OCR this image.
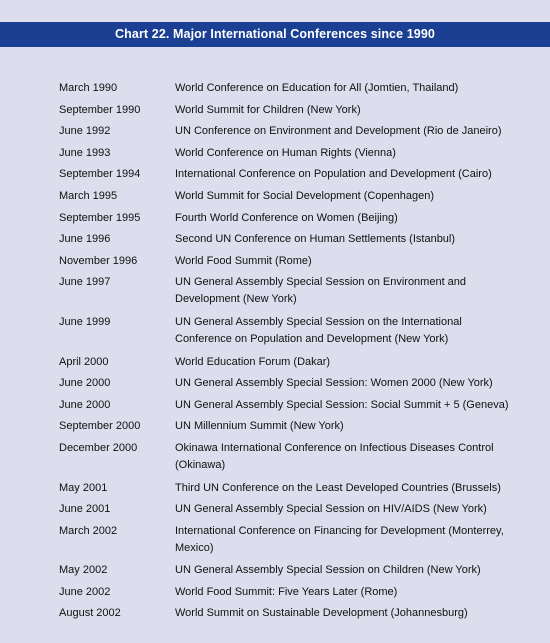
Chart 22. Major International Conferences since 1990
March 1990	World Conference on Education for All (Jomtien, Thailand)
September 1990	World Summit for Children (New York)
June 1992	UN Conference on Environment and Development (Rio de Janeiro)
June 1993	World Conference on Human Rights (Vienna)
September 1994	International Conference on Population and Development (Cairo)
March 1995	World Summit for Social Development (Copenhagen)
September 1995	Fourth World Conference on Women (Beijing)
June 1996	Second UN Conference on Human Settlements (Istanbul)
November 1996	World Food Summit (Rome)
June 1997	UN General Assembly Special Session on Environment and Development (New York)
June 1999	UN General Assembly Special Session on the International Conference on Population and Development (New York)
April 2000	World Education Forum (Dakar)
June 2000	UN General Assembly Special Session: Women 2000 (New York)
June 2000	UN General Assembly Special Session: Social Summit + 5 (Geneva)
September 2000	UN Millennium Summit (New York)
December 2000	Okinawa International Conference on Infectious Diseases Control (Okinawa)
May 2001	Third UN Conference on the Least Developed Countries (Brussels)
June 2001	UN General Assembly Special Session on HIV/AIDS (New York)
March 2002	International Conference on Financing for Development (Monterrey, Mexico)
May 2002	UN General Assembly Special Session on Children (New York)
June 2002	World Food Summit: Five Years Later (Rome)
August 2002	World Summit on Sustainable Development (Johannesburg)
